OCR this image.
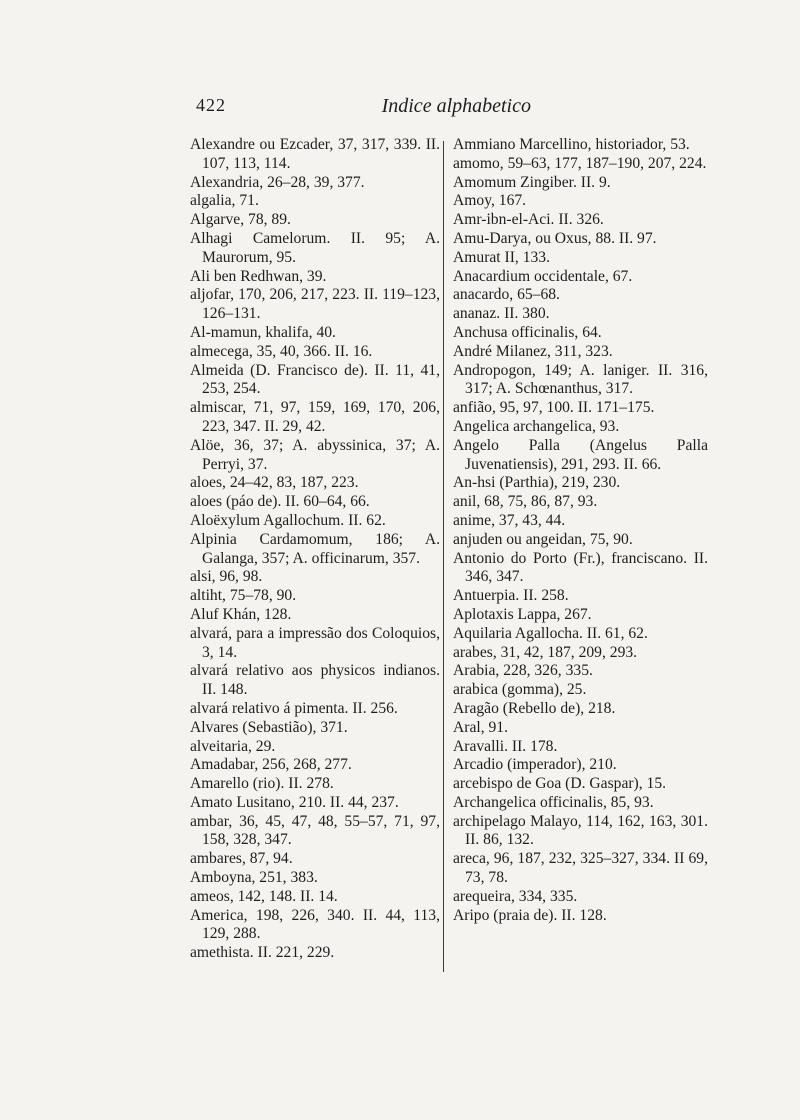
422	Indice alphabetico
Alexandre ou Ezcader, 37, 317, 339. II. 107, 113, 114.
Alexandria, 26–28, 39, 377.
algalia, 71.
Algarve, 78, 89.
Alhagi Camelorum. II. 95; A. Maurorum, 95.
Ali ben Redhwan, 39.
aljofar, 170, 206, 217, 223. II. 119–123, 126–131.
Al-mamun, khalifa, 40.
almecega, 35, 40, 366. II. 16.
Almeida (D. Francisco de). II. 11, 41, 253, 254.
almiscar, 71, 97, 159, 169, 170, 206, 223, 347. II. 29, 42.
Alöe, 36, 37; A. abyssinica, 37; A. Perryi, 37.
aloes, 24–42, 83, 187, 223.
aloes (páo de). II. 60–64, 66.
Aloëxylum Agallochum. II. 62.
Alpinia Cardamomum, 186; A. Galanga, 357; A. officinarum, 357.
alsi, 96, 98.
altiht, 75–78, 90.
Aluf Khán, 128.
alvará, para a impressão dos Coloquios, 3, 14.
alvará relativo aos physicos indianos. II. 148.
alvará relativo á pimenta. II. 256.
Alvares (Sebastião), 371.
alveitaria, 29.
Amadabar, 256, 268, 277.
Amarello (rio). II. 278.
Amato Lusitano, 210. II. 44, 237.
ambar, 36, 45, 47, 48, 55–57, 71, 97, 158, 328, 347.
ambares, 87, 94.
Amboyna, 251, 383.
ameos, 142, 148. II. 14.
America, 198, 226, 340. II. 44, 113, 129, 288.
amethista. II. 221, 229.
Ammiano Marcellino, historiador, 53.
amomo, 59–63, 177, 187–190, 207, 224.
Amomum Zingiber. II. 9.
Amoy, 167.
Amr-ibn-el-Aci. II. 326.
Amu-Darya, ou Oxus, 88. II. 97.
Amurat II, 133.
Anacardium occidentale, 67.
anacardo, 65–68.
ananaz. II. 380.
Anchusa officinalis, 64.
André Milanez, 311, 323.
Andropogon, 149; A. laniger. II. 316, 317; A. Schœnanthus, 317.
anfião, 95, 97, 100. II. 171–175.
Angelica archangelica, 93.
Angelo Palla (Angelus Palla Juvenatiensis), 291, 293. II. 66.
An-hsi (Parthia), 219, 230.
anil, 68, 75, 86, 87, 93.
anime, 37, 43, 44.
anjuden ou angeidan, 75, 90.
Antonio do Porto (Fr.), franciscano. II. 346, 347.
Antuerpia. II. 258.
Aplotaxis Lappa, 267.
Aquilaria Agallocha. II. 61, 62.
arabes, 31, 42, 187, 209, 293.
Arabia, 228, 326, 335.
arabica (gomma), 25.
Aragão (Rebello de), 218.
Aral, 91.
Aravalli. II. 178.
Arcadio (imperador), 210.
arcebispo de Goa (D. Gaspar), 15.
Archangelica officinalis, 85, 93.
archipelago Malayo, 114, 162, 163, 301. II. 86, 132.
areca, 96, 187, 232, 325–327, 334. II 69, 73, 78.
arequeira, 334, 335.
Aripo (praia de). II. 128.
